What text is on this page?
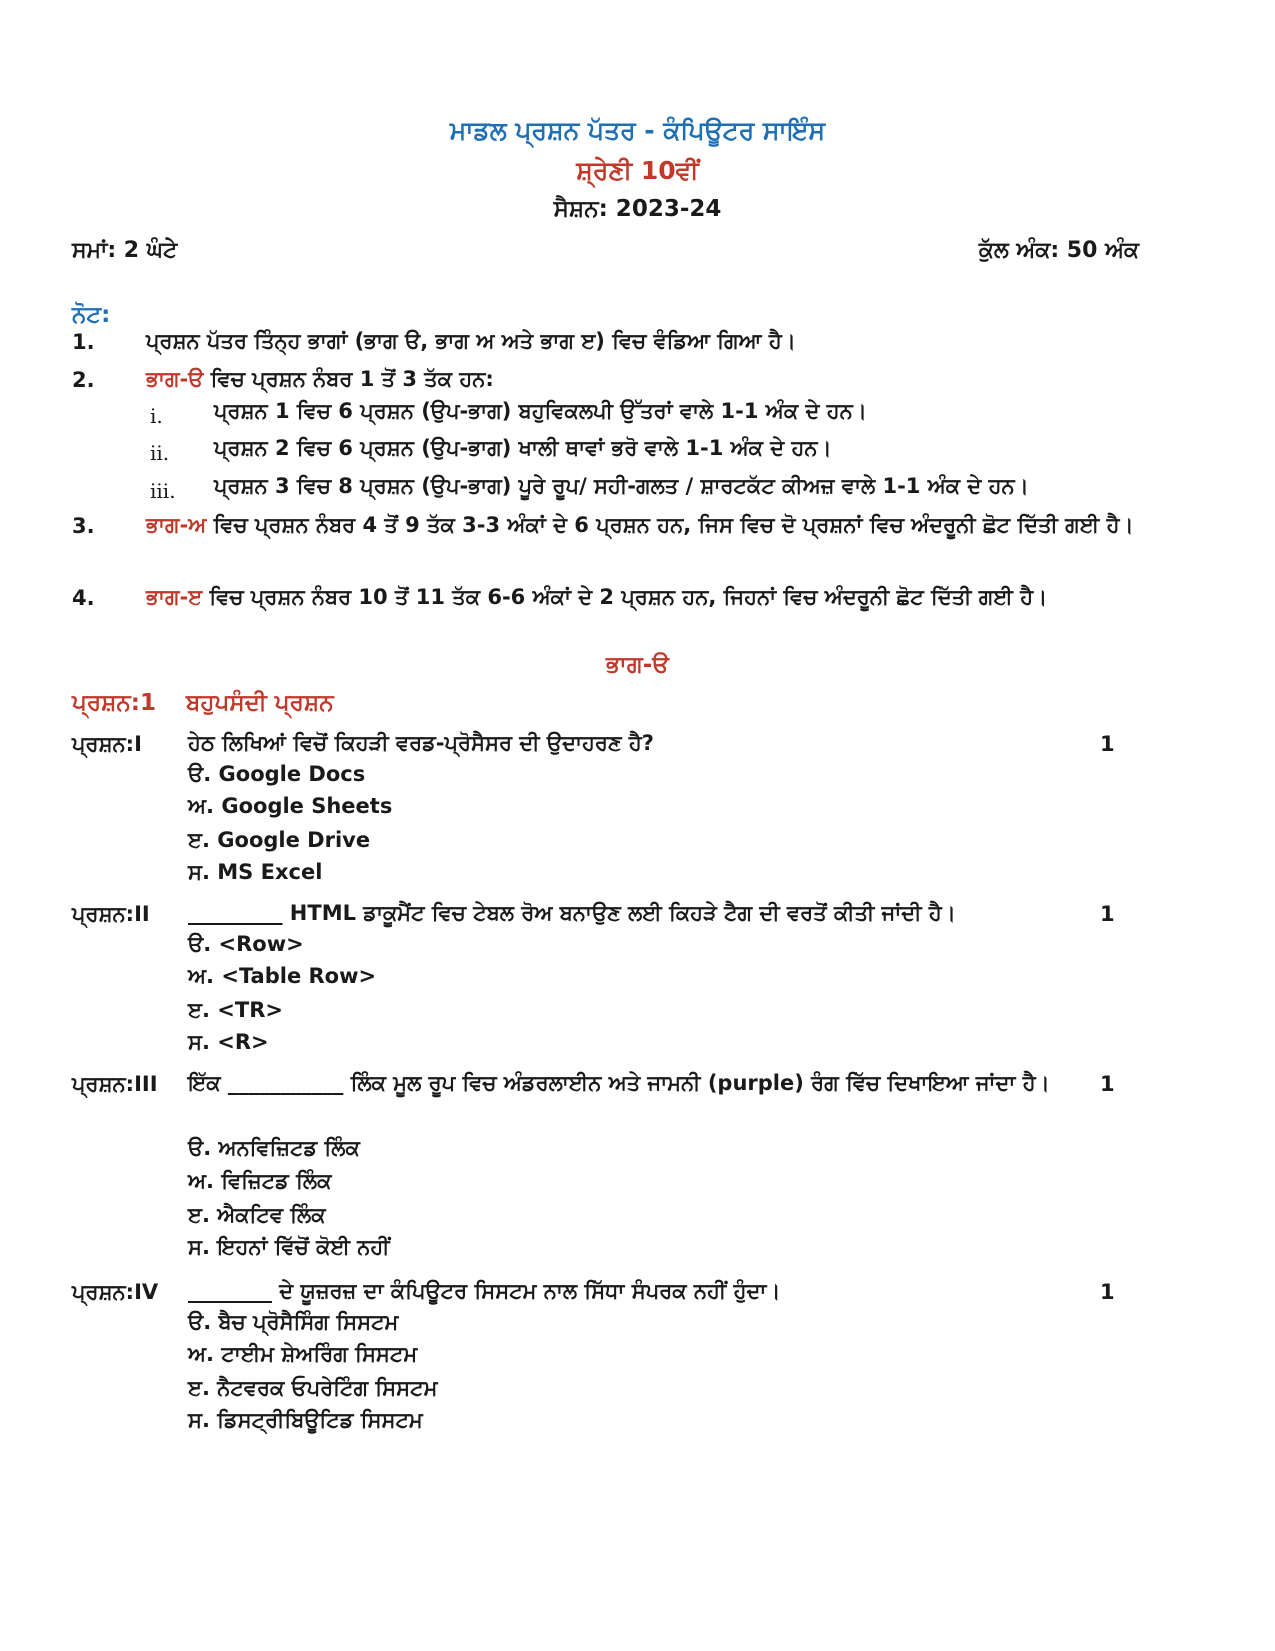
ਮਾਡਲ ਪ੍ਰਸ਼ਨ ਪੱਤਰ - ਕੰਪਿਊਟਰ ਸਾਇੰਸ
ਸ਼੍ਰੇਣੀ 10ਵੀਂ
ਸੈਸ਼ਨ: 2023-24
ਸਮਾਂ: 2 ਘੰਟੇ	ਕੁੱਲ ਅੰਕ: 50 ਅੰਕ
ਨੋਟ:
1. ਪ੍ਰਸ਼ਨ ਪੱਤਰ ਤਿੰਨ੍ਹ ਭਾਗਾਂ (ਭਾਗ ੳ, ਭਾਗ ਅ ਅਤੇ ਭਾਗ ੲ) ਵਿਚ ਵੰਡਿਆ ਗਿਆ ਹੈ।
2. ਭਾਗ-ੳ ਵਿਚ ਪ੍ਰਸ਼ਨ ਨੰਬਰ 1 ਤੋਂ 3 ਤੱਕ ਹਨ:
i. ਪ੍ਰਸ਼ਨ 1 ਵਿਚ 6 ਪ੍ਰਸ਼ਨ (ਉਪ-ਭਾਗ) ਬਹੁਵਿਕਲਪੀ ਉੱਤਰਾਂ ਵਾਲੇ 1-1 ਅੰਕ ਦੇ ਹਨ।
ii. ਪ੍ਰਸ਼ਨ 2 ਵਿਚ 6 ਪ੍ਰਸ਼ਨ (ਉਪ-ਭਾਗ) ਖਾਲੀ ਥਾਵਾਂ ਭਰੋ ਵਾਲੇ 1-1 ਅੰਕ ਦੇ ਹਨ।
iii. ਪ੍ਰਸ਼ਨ 3 ਵਿਚ 8 ਪ੍ਰਸ਼ਨ (ਉਪ-ਭਾਗ) ਪੂਰੇ ਰੂਪ/ ਸਹੀ-ਗਲਤ / ਸ਼ਾਰਟਕੱਟ ਕੀਅਜ਼ ਵਾਲੇ 1-1 ਅੰਕ ਦੇ ਹਨ।
3. ਭਾਗ-ਅ ਵਿਚ ਪ੍ਰਸ਼ਨ ਨੰਬਰ 4 ਤੋਂ 9 ਤੱਕ 3-3 ਅੰਕਾਂ ਦੇ 6 ਪ੍ਰਸ਼ਨ ਹਨ, ਜਿਸ ਵਿਚ ਦੋ ਪ੍ਰਸ਼ਨਾਂ ਵਿਚ ਅੰਦਰੂਨੀ ਛੋਟ ਦਿੱਤੀ ਗਈ ਹੈ।
4. ਭਾਗ-ੲ ਵਿਚ ਪ੍ਰਸ਼ਨ ਨੰਬਰ 10 ਤੋਂ 11 ਤੱਕ 6-6 ਅੰਕਾਂ ਦੇ 2 ਪ੍ਰਸ਼ਨ ਹਨ, ਜਿਹਨਾਂ ਵਿਚ ਅੰਦਰੂਨੀ ਛੋਟ ਦਿੱਤੀ ਗਈ ਹੈ।
ਭਾਗ-ੳ
ਪ੍ਰਸ਼ਨ:1 ਬਹੁਪਸੰਦੀ ਪ੍ਰਸ਼ਨ
ਪ੍ਰਸ਼ਨ:I ਹੇਠ ਲਿਖਿਆਂ ਵਿਚੋਂ ਕਿਹੜੀ ਵਰਡ-ਪ੍ਰੋਸੈਸਰ ਦੀ ਉਦਾਹਰਣ ਹੈ?	1
ੳ. Google Docs
ਅ. Google Sheets
ੲ. Google Drive
ਸ. MS Excel
ਪ੍ਰਸ਼ਨ:II _________ HTML ਡਾਕੂਮੈਂਟ ਵਿਚ ਟੇਬਲ ਰੋਅ ਬਨਾਉਣ ਲਈ ਕਿਹੜੇ ਟੈਗ ਦੀ ਵਰਤੋਂ ਕੀਤੀ ਜਾਂਦੀ ਹੈ।	1
ੳ. <Row>
ਅ. <Table Row>
ੲ. <TR>
ਸ. <R>
ਪ੍ਰਸ਼ਨ:III ਇੱਕ ___________ ਲਿੰਕ ਮੂਲ ਰੂਪ ਵਿਚ ਅੰਡਰਲਾਈਨ ਅਤੇ ਜਾਮਨੀ (purple) ਰੰਗ ਵਿੱਚ ਦਿਖਾਇਆ ਜਾਂਦਾ ਹੈ।	1
ੳ. ਅਨਵਿਜ਼ਿਟਡ ਲਿੰਕ
ਅ. ਵਿਜ਼ਿਟਡ ਲਿੰਕ
ੲ. ਐਕਟਿਵ ਲਿੰਕ
ਸ. ਇਹਨਾਂ ਵਿੱਚੋਂ ਕੋਈ ਨਹੀਂ
ਪ੍ਰਸ਼ਨ:IV ________ ਦੇ ਯੂਜ਼ਰਜ਼ ਦਾ ਕੰਪਿਊਟਰ ਸਿਸਟਮ ਨਾਲ ਸਿੱਧਾ ਸੰਪਰਕ ਨਹੀਂ ਹੁੰਦਾ।	1
ੳ. ਬੈਚ ਪ੍ਰੋਸੈਸਿੰਗ ਸਿਸਟਮ
ਅ. ਟਾਈਮ ਸ਼ੇਅਰਿੰਗ ਸਿਸਟਮ
ੲ. ਨੈਟਵਰਕ ਓਪਰੇਟਿੰਗ ਸਿਸਟਮ
ਸ. ਡਿਸਟ੍ਰੀਬਿਊਟਿਡ ਸਿਸਟਮ
